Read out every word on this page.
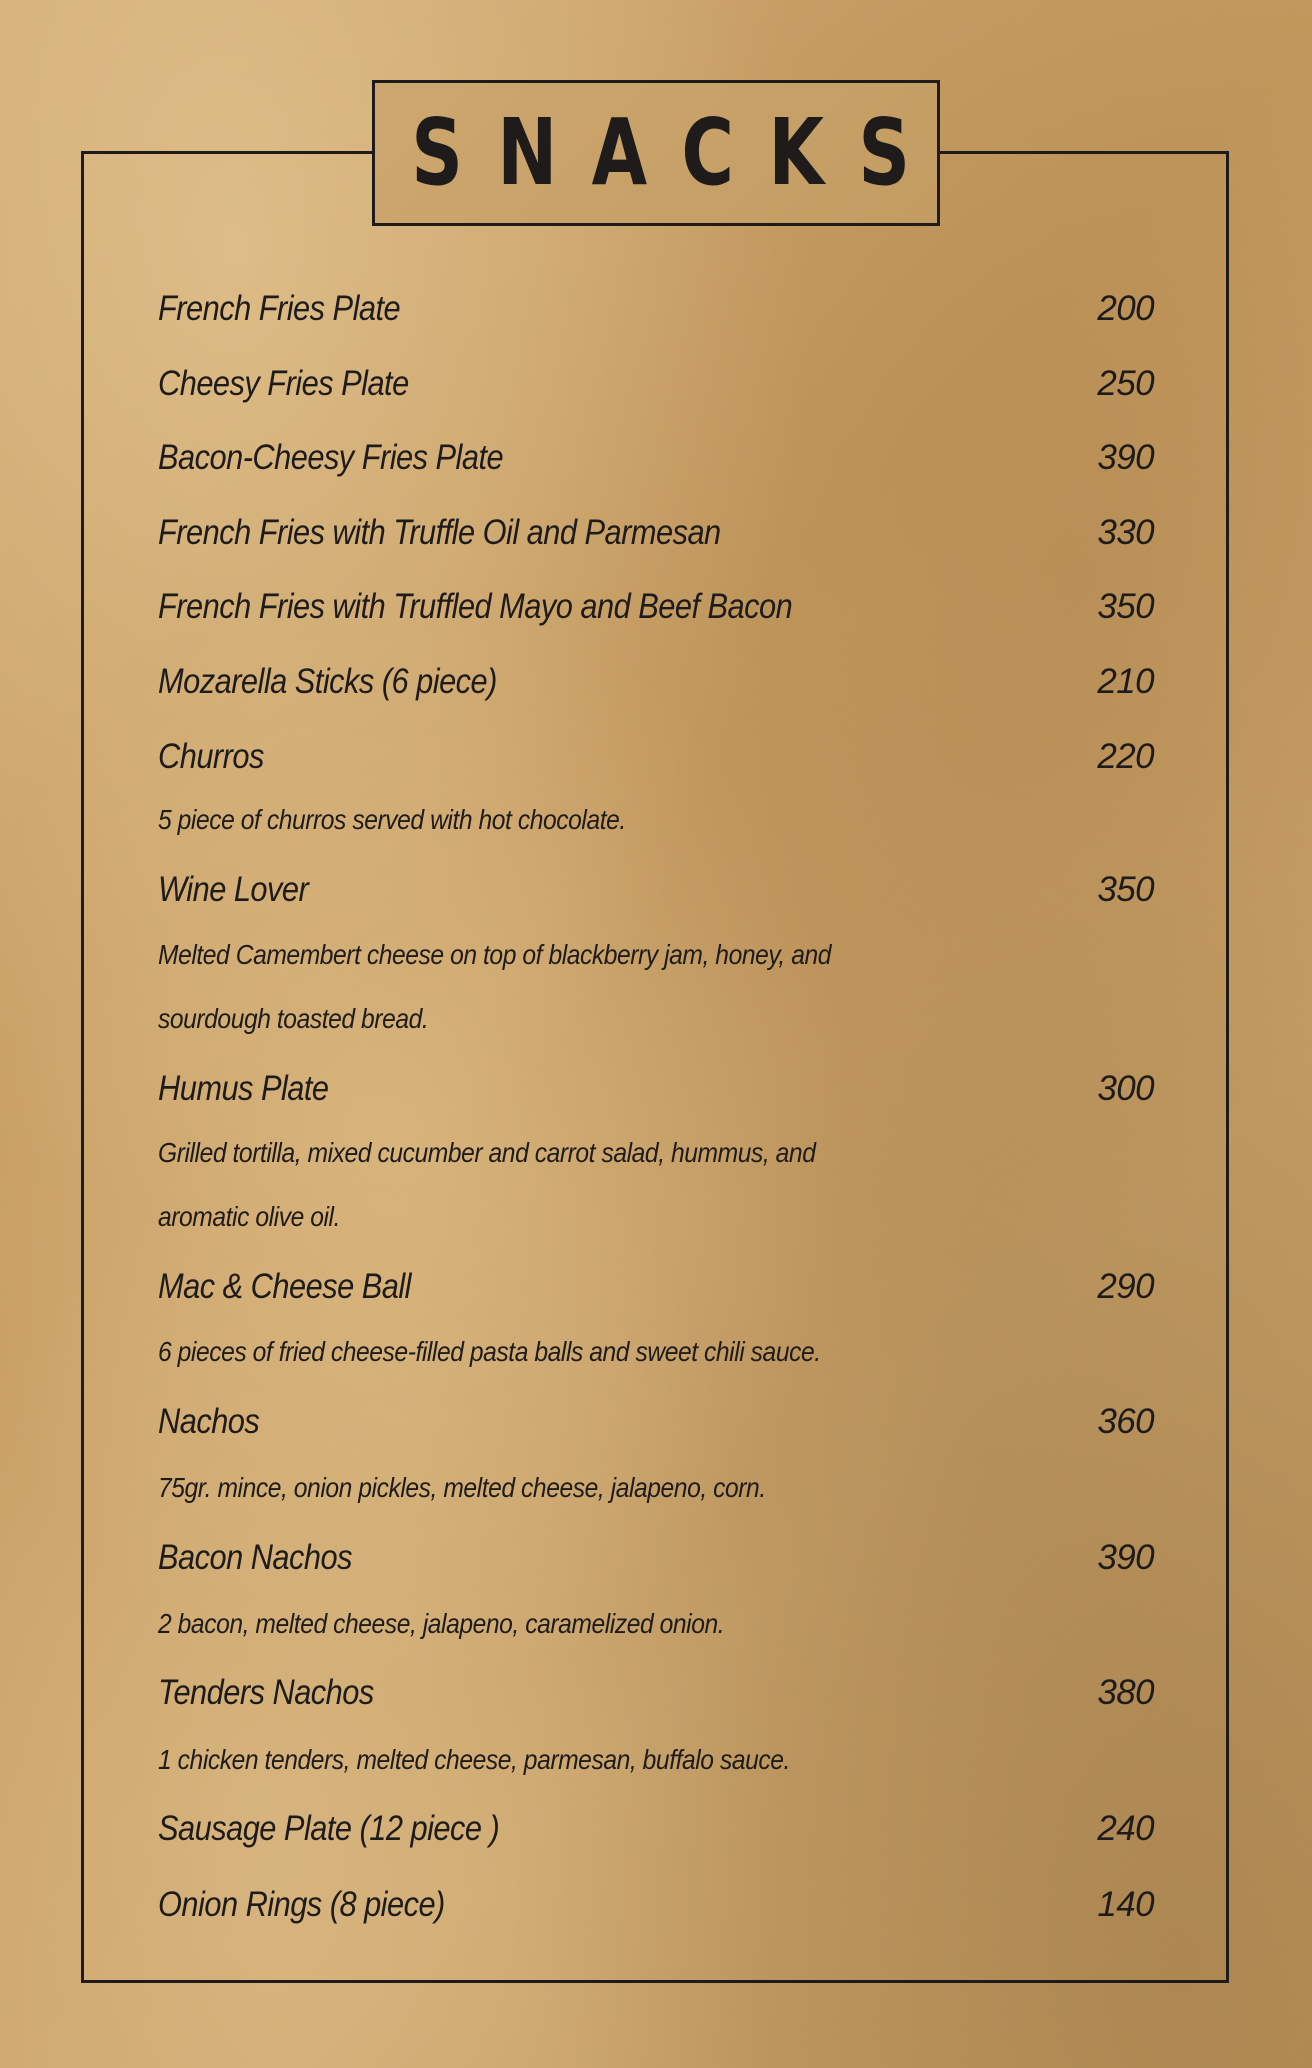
SNACKS
French Fries Plate	200
Cheesy Fries Plate	250
Bacon-Cheesy Fries Plate	390
French Fries with Truffle Oil and Parmesan	330
French Fries with Truffled Mayo and Beef Bacon	350
Mozarella Sticks (6 piece)	210
Churros	220
5 piece of churros served with hot chocolate.
Wine Lover	350
Melted Camembert cheese on top of blackberry jam, honey, and
sourdough toasted bread.
Humus Plate	300
Grilled tortilla, mixed cucumber and carrot salad, hummus, and
aromatic olive oil.
Mac & Cheese Ball	290
6 pieces of fried cheese-filled pasta balls and sweet chili sauce.
Nachos	360
75gr. mince, onion pickles, melted cheese, jalapeno, corn.
Bacon Nachos	390
2 bacon, melted cheese, jalapeno, caramelized onion.
Tenders Nachos	380
1 chicken tenders, melted cheese, parmesan, buffalo sauce.
Sausage Plate (12 piece )	240
Onion Rings (8 piece)	140
